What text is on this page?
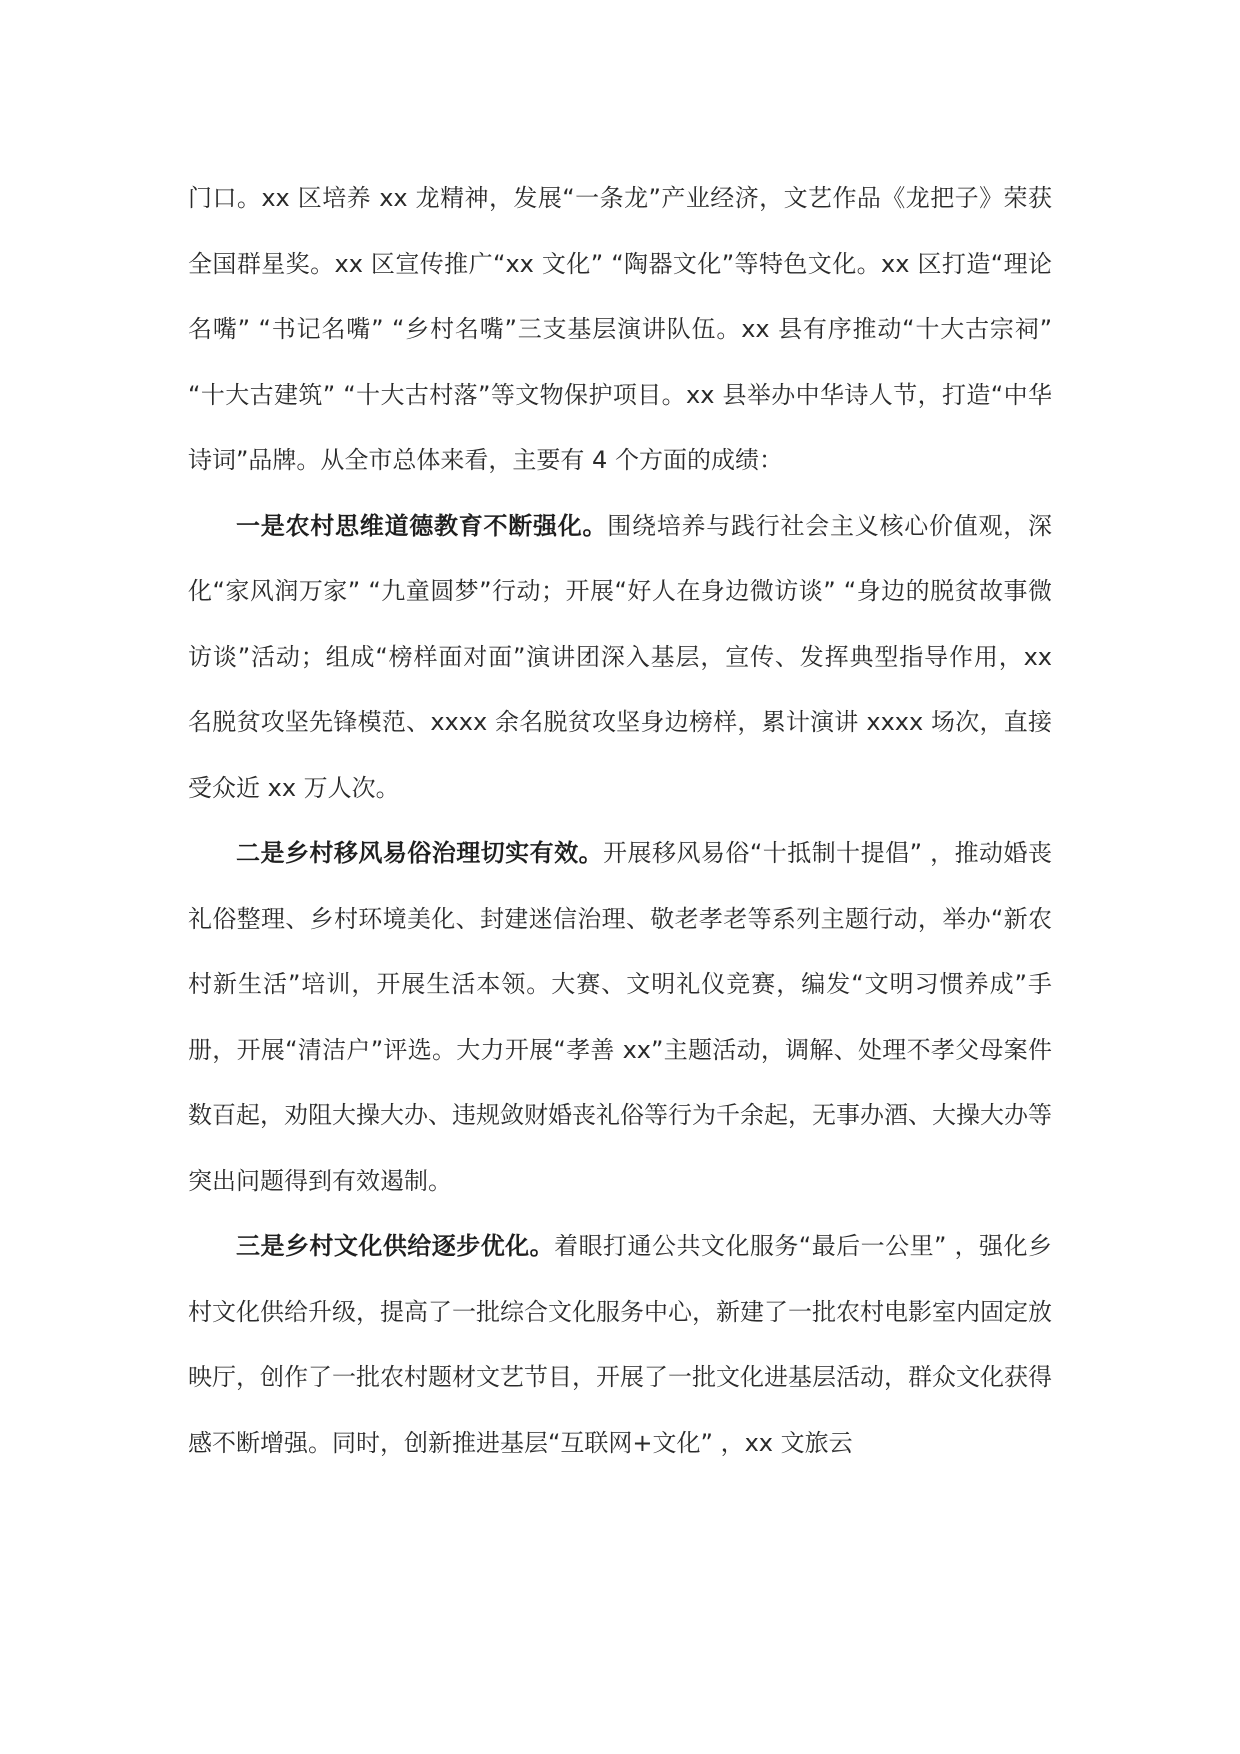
门口。xx 区培养 xx 龙精神，发展“一条龙”产业经济，文艺作品《龙把子》荣获全国群星奖。xx 区宣传推广“xx 文化” “陶器文化”等特色文化。xx 区打造“理论名嘴” “书记名嘴” “乡村名嘴”三支基层演讲队伍。xx 县有序推动“十大古宗祠” “十大古建筑” “十大古村落”等文物保护项目。xx 县举办中华诗人节，打造“中华诗词”品牌。从全市总体来看，主要有 4 个方面的成绩：

一是农村思维道德教育不断强化。围绕培养与践行社会主义核心价值观，深化“家风润万家” “九童圆梦”行动；开展“好人在身边微访谈” “身边的脱贫故事微访谈”活动；组成“榜样面对面”演讲团深入基层，宣传、发挥典型指导作用，xx 名脱贫攻坚先锋模范、xxxx 余名脱贫攻坚身边榜样，累计演讲 xxxx 场次，直接受众近 xx 万人次。

二是乡村移风易俗治理切实有效。开展移风易俗“十抵制十提倡” ，推动婚丧礼俗整理、乡村环境美化、封建迷信治理、敬老孝老等系列主题行动，举办“新农村新生活”培训，开展生活本领。大赛、文明礼仪竞赛，编发“文明习惯养成”手册，开展“清洁户”评选。大力开展“孝善 xx”主题活动，调解、处理不孝父母案件数百起，劝阻大操大办、违规敛财婚丧礼俗等行为千余起，无事办酒、大操大办等突出问题得到有效遏制。

三是乡村文化供给逐步优化。着眼打通公共文化服务“最后一公里” ，强化乡村文化供给升级，提高了一批综合文化服务中心，新建了一批农村电影室内固定放映厅，创作了一批农村题材文艺节目，开展了一批文化进基层活动，群众文化获得感不断增强。同时，创新推进基层“互联网+文化” ，xx 文旅云
